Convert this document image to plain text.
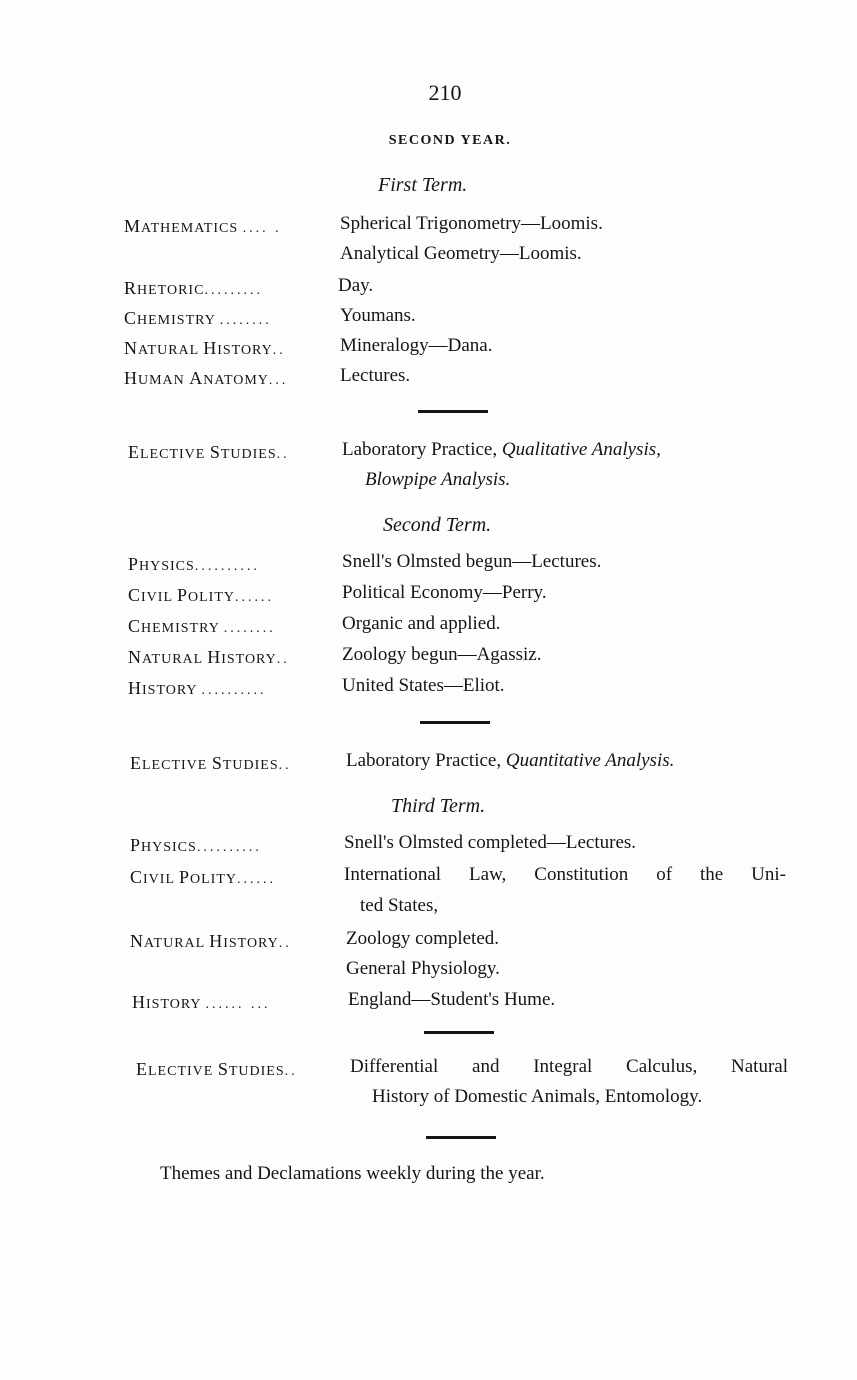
210
SECOND YEAR.
First Term.
MATHEMATICS .... .	Spherical Trigonometry—Loomis.
Analytical Geometry—Loomis.
RHETORIC.........	Day.
CHEMISTRY ........	Youmans.
NATURAL HISTORY..	Mineralogy—Dana.
HUMAN ANATOMY...	Lectures.
ELECTIVE STUDIES..	Laboratory Practice, Qualitative Analysis,
Blowpipe Analysis.
Second Term.
PHYSICS..........	Snell's Olmsted begun—Lectures.
CIVIL POLITY......	Political Economy—Perry.
CHEMISTRY ........	Organic and applied.
NATURAL HISTORY..	Zoology begun—Agassiz.
HISTORY ..........	United States—Eliot.
ELECTIVE STUDIES..	Laboratory Practice, Quantitative Analysis.
Third Term.
PHYSICS..........	Snell's Olmsted completed—Lectures.
CIVIL POLITY......	International Law, Constitution of the Uni-
ted States,
NATURAL HISTORY..	Zoology completed.
General Physiology.
HISTORY ...... ...	England—Student's Hume.
ELECTIVE STUDIES..	Differential and Integral Calculus, Natural
History of Domestic Animals, Entomology.
Themes and Declamations weekly during the year.
